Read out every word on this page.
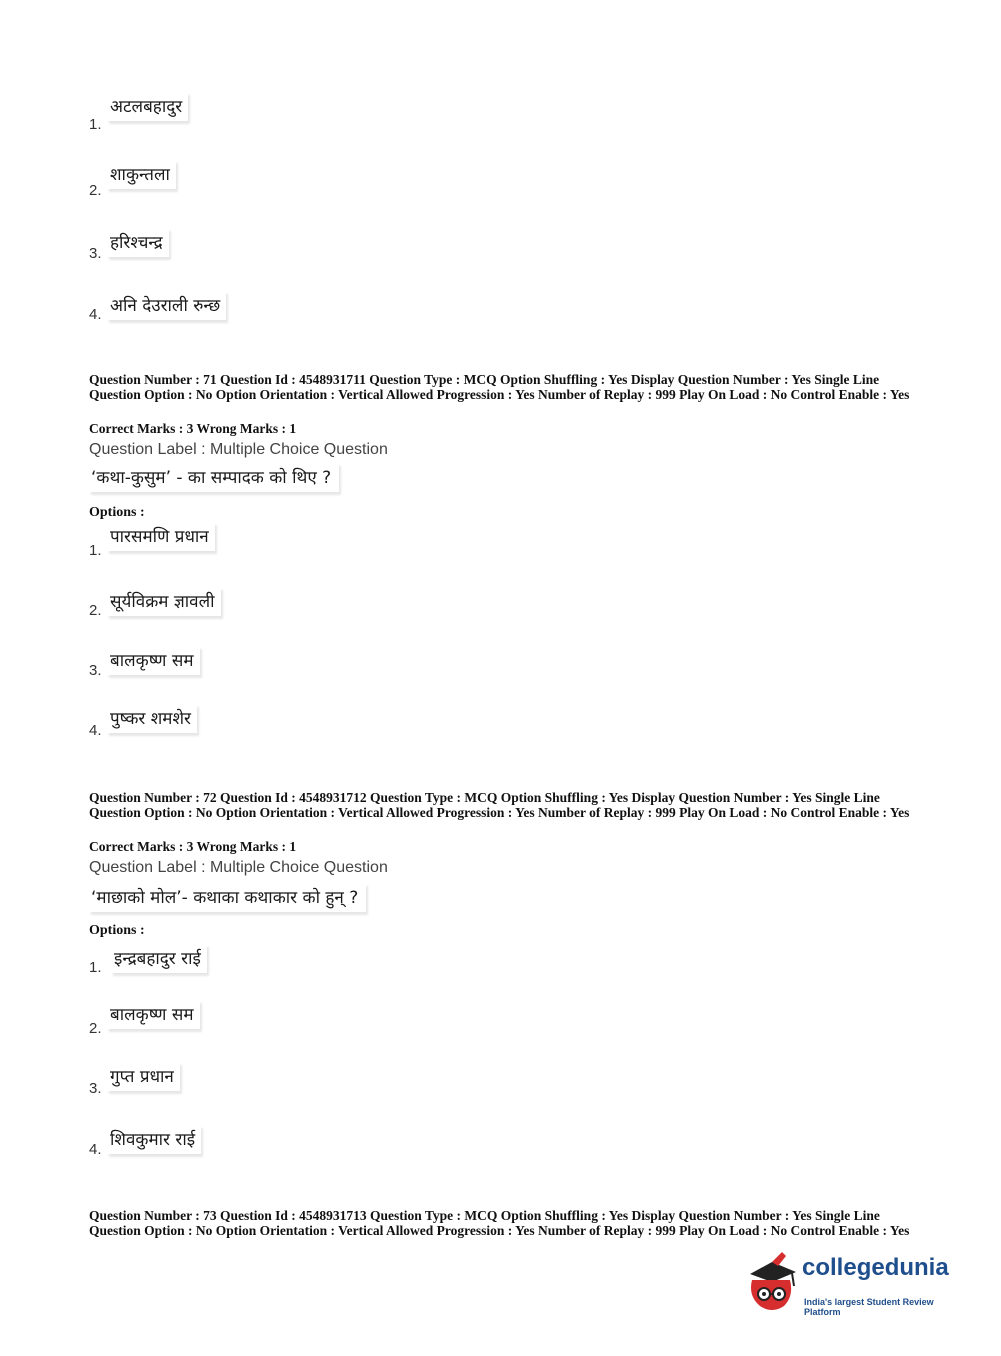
1.
अटलबहादुर
2.
शाकुन्तला
3.
हरिश्चन्द्र
4. अनि देउराली रुन्छ
Question Number : 71 Question Id : 4548931711 Question Type : MCQ Option Shuffling : Yes Display Question Number : Yes Single Line Question Option : No Option Orientation : Vertical Allowed Progression : Yes Number of Replay : 999 Play On Load : No Control Enable : Yes
Correct Marks : 3 Wrong Marks : 1
Question Label : Multiple Choice Question
‘कथा-कुसुम’ - का सम्पादक को थिए ?
Options :
1.
पारसमणि प्रधान
2. सूर्यविक्रम ज्ञावली
3. बालकृष्ण सम
4.
पुष्कर शमशेर
Question Number : 72 Question Id : 4548931712 Question Type : MCQ Option Shuffling : Yes Display Question Number : Yes Single Line Question Option : No Option Orientation : Vertical Allowed Progression : Yes Number of Replay : 999 Play On Load : No Control Enable : Yes
Correct Marks : 3 Wrong Marks : 1
Question Label : Multiple Choice Question
‘माछाको मोल’- कथाका कथाकार को हुन् ?
Options :
1. इन्द्रबहादुर राई
2.
बालकृष्ण सम
3.
गुप्त प्रधान
4. शिवकुमार राई
Question Number : 73 Question Id : 4548931713 Question Type : MCQ Option Shuffling : Yes Display Question Number : Yes Single Line Question Option : No Option Orientation : Vertical Allowed Progression : Yes Number of Replay : 999 Play On Load : No Control Enable : Yes
collegedunia
India's largest Student Review Platform
